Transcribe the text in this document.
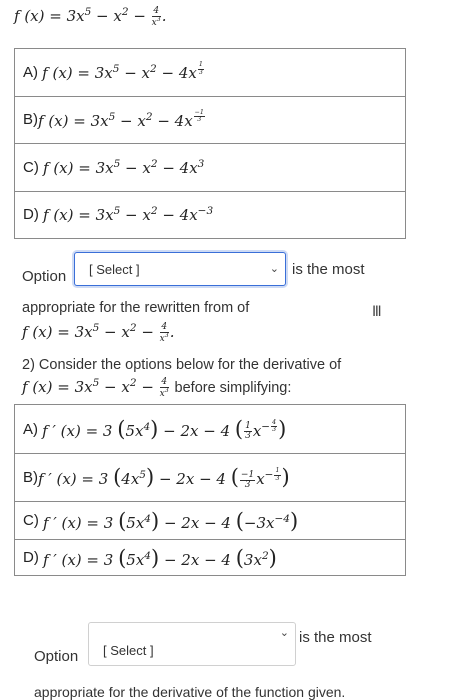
f $(x) = 3x^5 - x^2 - \frac{4}{x^3}$ .
A) f $(x) = 3x^5 - x^2 - 4x$ $^{\frac{1}{3}}$
B) f $(x) = 3x^5 - x^2 - 4x$ $^{\frac{-1}{3}}$
C) f $(x) = 3x^5 - x^2 - 4x^3$
D) f $(x) = 3x^5 - x^2 - 4x^{-3}$
Option [ Select ]	⌄ is the most
appropriate for the rewritten from of
f $(x) = 3x^5 - x^2 - \frac{4}{x^3}$ .
Ⅲ
2) Consider the options below for the derivative of
f $(x) = 3x^5 - x^2 - \frac{4}{x^3}$ before simplifying:
A) f ′ (x) = 3 $(5x^4) - 2x - 4$ ( $\frac{1}{3} x^{- \frac{4}{3}}$ )
B) f ′ (x) = 3 $(4x^5) - 2x - 4$ ( $\frac{-1}{3} x^{- \frac{1}{3}}$ )
C) f ′ (x) = 3 $(5x^4) - 2x - 4$ $(-3x^{-4})$
D) f ′ (x) = 3 $(5x^4) - 2x - 4$ $(3x^2)$
Option [ Select ]
⌄ is the most
appropriate for the derivative of the function given.
